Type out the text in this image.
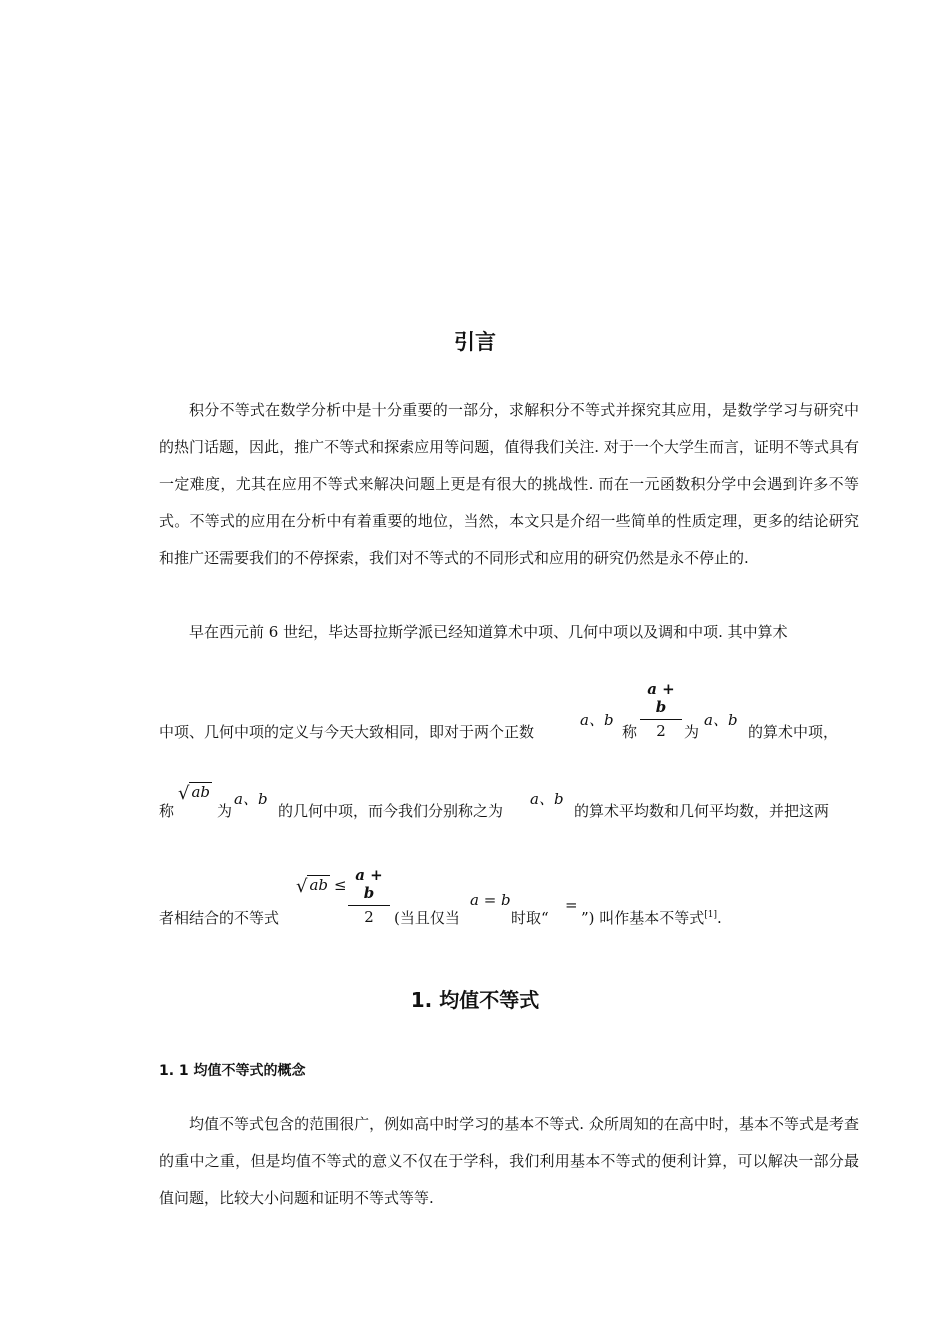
引言

积分不等式在数学分析中是十分重要的一部分，求解积分不等式并探究其应用，是数学学习与研究中的热门话题，因此，推广不等式和探索应用等问题，值得我们关注. 对于一个大学生而言，证明不等式具有一定难度，尤其在应用不等式来解决问题上更是有很大的挑战性. 而在一元函数积分学中会遇到许多不等式。不等式的应用在分析中有着重要的地位，当然，本文只是介绍一些简单的性质定理，更多的结论研究和推广还需要我们的不停探索，我们对不等式的不同形式和应用的研究仍然是永不停止的.

早在西元前 6 世纪，毕达哥拉斯学派已经知道算术中项、几何中项以及调和中项. 其中算术

中项、几何中项的定义与今天大致相同，即对于两个正数
a、b
称
a + b
2	为
a、b
的算术中项，
称
√ ab
为
a、b
的几何中项，而今我们分别称之为
a、b
的算术平均数和几何平均数，并把这两
者相结合的不等式
√ ab ≤
a + b
2	(当且仅当
a = b
时取“
=
”) 叫作基本不等式[1].
1. 均值不等式
1. 1 均值不等式的概念

均值不等式包含的范围很广，例如高中时学习的基本不等式. 众所周知的在高中时，基本不等式是考查的重中之重，但是均值不等式的意义不仅在于学科，我们利用基本不等式的便利计算，可以解决一部分最值问题，比较大小问题和证明不等式等等.
